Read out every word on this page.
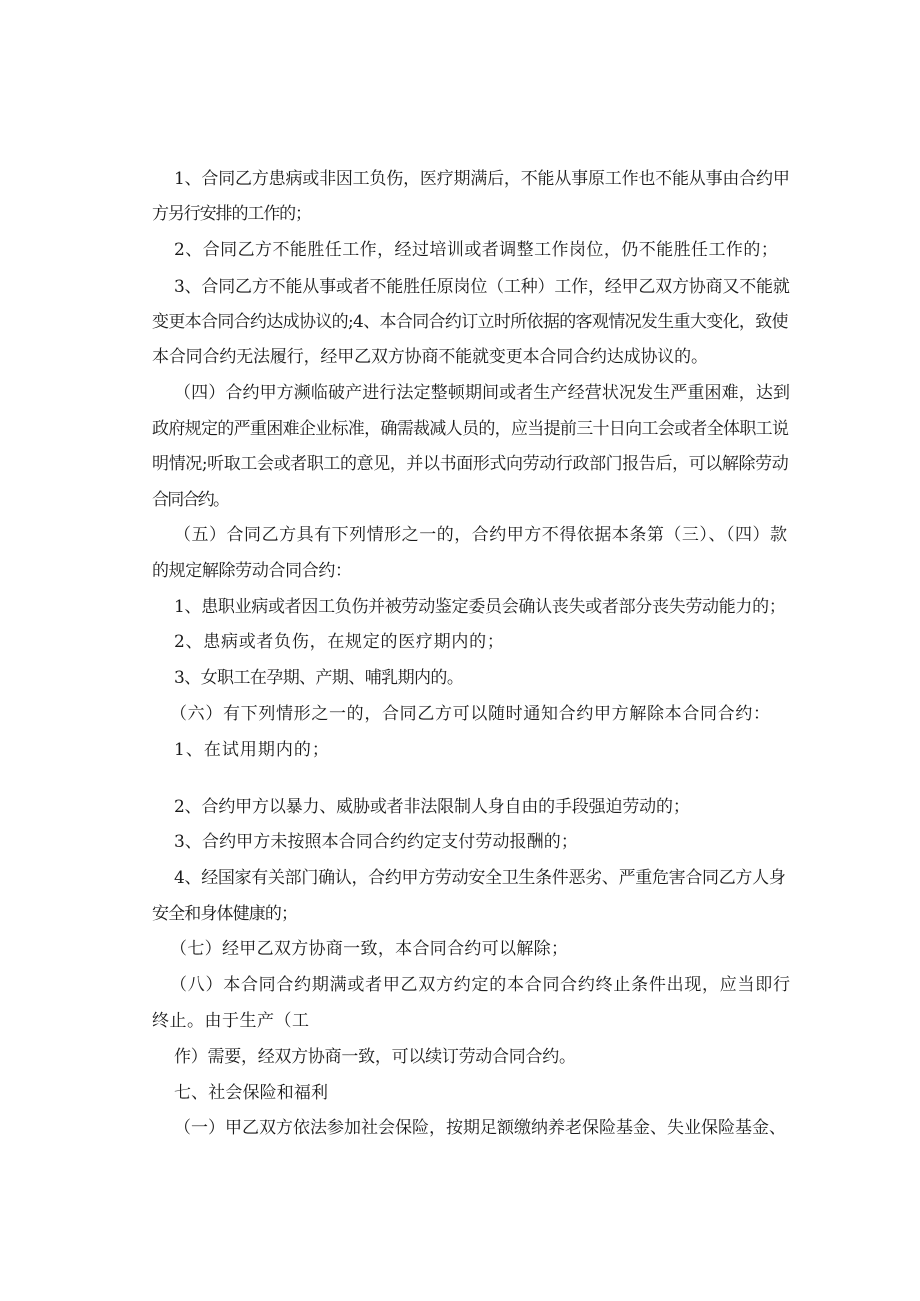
1、合同乙方患病或非因工负伤，医疗期满后，不能从事原工作也不能从事由合约甲
方另行安排的工作的；
2、合同乙方不能胜任工作，经过培训或者调整工作岗位，仍不能胜任工作的；
3、合同乙方不能从事或者不能胜任原岗位（工种）工作，经甲乙双方协商又不能就
变更本合同合约达成协议的;4、本合同合约订立时所依据的客观情况发生重大变化，致使
本合同合约无法履行，经甲乙双方协商不能就变更本合同合约达成协议的。
（四）合约甲方濒临破产进行法定整顿期间或者生产经营状况发生严重困难，达到
政府规定的严重困难企业标准，确需裁减人员的，应当提前三十日向工会或者全体职工说
明情况;听取工会或者职工的意见，并以书面形式向劳动行政部门报告后，可以解除劳动
合同合约。
（五）合同乙方具有下列情形之一的，合约甲方不得依据本条第（三）、（四）款
的规定解除劳动合同合约：
1、患职业病或者因工负伤并被劳动鉴定委员会确认丧失或者部分丧失劳动能力的；
2、患病或者负伤，在规定的医疗期内的；
3、女职工在孕期、产期、哺乳期内的。
（六）有下列情形之一的，合同乙方可以随时通知合约甲方解除本合同合约：
1、在试用期内的；
2、合约甲方以暴力、威胁或者非法限制人身自由的手段强迫劳动的；
3、合约甲方未按照本合同合约约定支付劳动报酬的；
4、经国家有关部门确认，合约甲方劳动安全卫生条件恶劣、严重危害合同乙方人身
安全和身体健康的；
（七）经甲乙双方协商一致，本合同合约可以解除；
（八）本合同合约期满或者甲乙双方约定的本合同合约终止条件出现，应当即行
终止。由于生产（工
作）需要，经双方协商一致，可以续订劳动合同合约。
七、社会保险和福利
（一）甲乙双方依法参加社会保险，按期足额缴纳养老保险基金、失业保险基金、
